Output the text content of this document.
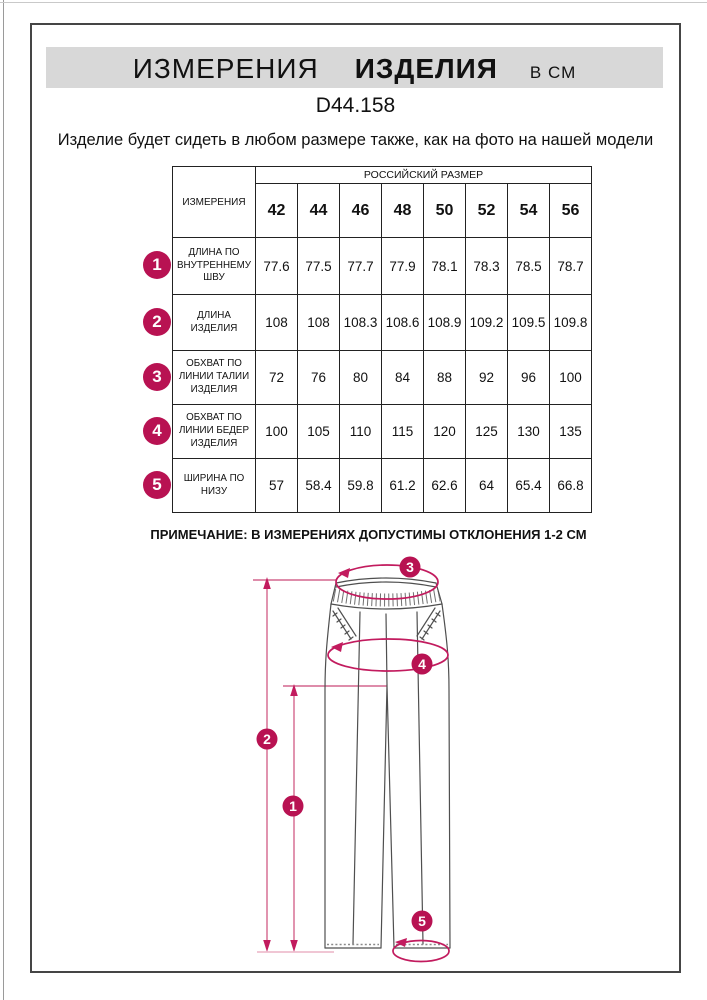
ИЗМЕРЕНИЯ ИЗДЕЛИЯ В СМ
D44.158
Изделие будет сидеть в любом размере также, как на фото на нашей модели
1
2
3
4
5
ИЗМЕРЕНИЯ	РОССИЙСКИЙ РАЗМЕР							
	42	44	46	48	50	52	54	56
ДЛИНА ПО ВНУТРЕННЕМУ ШВУ	77.6	77.5	77.7	77.9	78.1	78.3	78.5	78.7
ДЛИНА ИЗДЕЛИЯ	108	108	108.3	108.6	108.9	109.2	109.5	109.8
ОБХВАТ ПО ЛИНИИ ТАЛИИ ИЗДЕЛИЯ	72	76	80	84	88	92	96	100
ОБХВАТ ПО ЛИНИИ БЕДЕР ИЗДЕЛИЯ	100	105	110	115	120	125	130	135
ШИРИНА ПО НИЗУ	57	58.4	59.8	61.2	62.6	64	65.4	66.8
ПРИМЕЧАНИЕ: В ИЗМЕРЕНИЯХ ДОПУСТИМЫ ОТКЛОНЕНИЯ 1-2 СМ
1
2
3
4
5
